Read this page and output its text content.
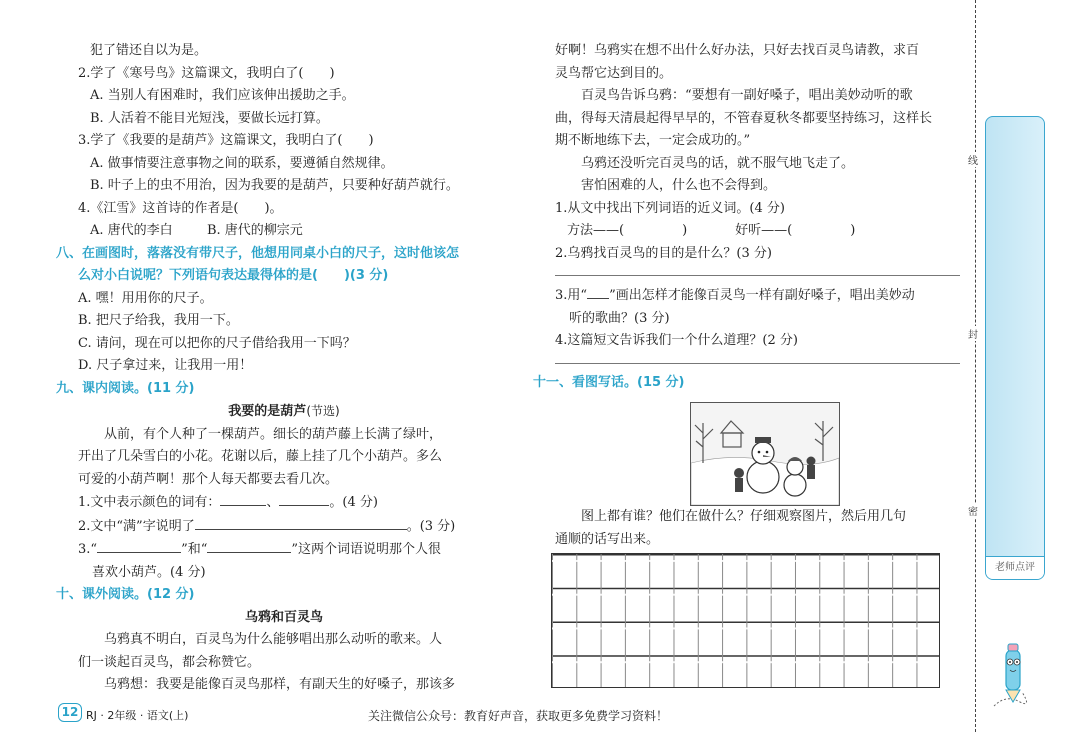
犯了错还自以为是。
2.学了《寒号鸟》这篇课文，我明白了(　　)
A. 当别人有困难时，我们应该伸出援助之手。
B. 人活着不能目光短浅，要做长远打算。
3.学了《我要的是葫芦》这篇课文，我明白了(　　)
A. 做事情要注意事物之间的联系，要遵循自然规律。
B. 叶子上的虫不用治，因为我要的是葫芦，只要种好葫芦就行。
4.《江雪》这首诗的作者是(　　)。
A. 唐代的李白	B. 唐代的柳宗元
八、在画图时，落落没有带尺子，他想用同桌小白的尺子，这时他该怎
么对小白说呢？下列语句表达最得体的是(　　)(3 分)
A. 嘿！用用你的尺子。
B. 把尺子给我，我用一下。
C. 请问，现在可以把你的尺子借给我用一下吗？
D. 尺子拿过来，让我用一用！
九、课内阅读。(11 分)
我要的是葫芦(节选)
从前，有个人种了一棵葫芦。细长的葫芦藤上长满了绿叶，
开出了几朵雪白的小花。花谢以后，藤上挂了几个小葫芦。多么
可爱的小葫芦啊！那个人每天都要去看几次。
1.文中表示颜色的词有：	、	。(4 分)
2.文中“满”字说明了	。(3 分)
3.“	”和“	”这两个词语说明那个人很
喜欢小葫芦。(4 分)
十、课外阅读。(12 分)
乌鸦和百灵鸟
乌鸦真不明白，百灵鸟为什么能够唱出那么动听的歌来。人
们一谈起百灵鸟，都会称赞它。
乌鸦想：我要是能像百灵鸟那样，有副天生的好嗓子，那该多
好啊！乌鸦实在想不出什么好办法，只好去找百灵鸟请教，求百
灵鸟帮它达到目的。
百灵鸟告诉乌鸦：“要想有一副好嗓子，唱出美妙动听的歌
曲，得每天清晨起得早早的，不管春夏秋冬都要坚持练习，这样长
期不断地练下去，一定会成功的。”
乌鸦还没听完百灵鸟的话，就不服气地飞走了。
害怕困难的人，什么也不会得到。
1.从文中找出下列词语的近义词。(4 分)
方法——(	)	好听——(	)
2.乌鸦找百灵鸟的目的是什么？(3 分)
3.用“ ”画出怎样才能像百灵鸟一样有副好嗓子，唱出美妙动
听的歌曲？(3 分)
4.这篇短文告诉我们一个什么道理？(2 分)
十一、看图写话。(15 分)
图上都有谁？他们在做什么？仔细观察图片，然后用几句
通顺的话写出来。
12 RJ · 2年级 · 语文(上)	关注微信公众号：教育好声音，获取更多免费学习资料！
线
封
密
老师点评
